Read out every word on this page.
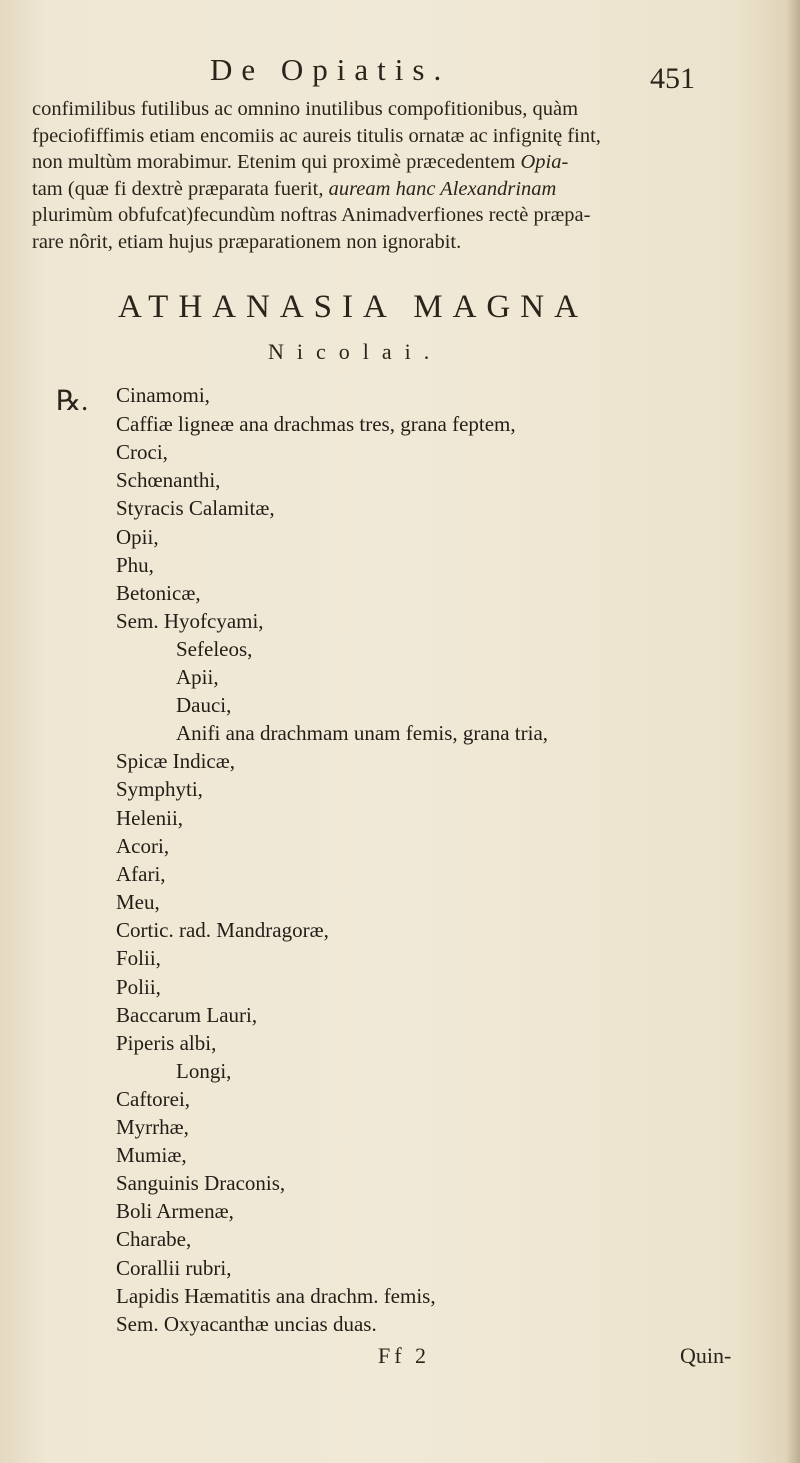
De Opiatis.	451
confimilibus futilibus ac omnino inutilibus compofitionibus, quàm
fpeciofiffimis etiam encomiis ac aureis titulis ornatæ ac infignitę fint,
non multùm morabimur. Etenim qui proximè præcedentem Opia-
tam (quæ fi dextrè præparata fuerit, auream hanc Alexandrinam
plurimùm obfufcat)fecundùm noftras Animadverfiones rectè præpa-
rare nôrit, etiam hujus præparationem non ignorabit.
ATHANASIA MAGNA
Nicolai.
℞. Cinamomi,
Caffiæ ligneæ ana drachmas tres, grana feptem,
Croci,
Schœnanthi,
Styracis Calamitæ,
Opii,
Phu,
Betonicæ,
Sem. Hyofcyami,
Sefeleos,
Apii,
Dauci,
Anifi ana drachmam unam femis, grana tria,
Spicæ Indicæ,
Symphyti,
Helenii,
Acori,
Afari,
Meu,
Cortic. rad. Mandragoræ,
Folii,
Polii,
Baccarum Lauri,
Piperis albi,
Longi,
Caftorei,
Myrrhæ,
Mumiæ,
Sanguinis Draconis,
Boli Armenæ,
Charabe,
Corallii rubri,
Lapidis Hæmatitis ana drachm. femis,
Sem. Oxyacanthæ uncias duas.
Ff 2	Quin-
